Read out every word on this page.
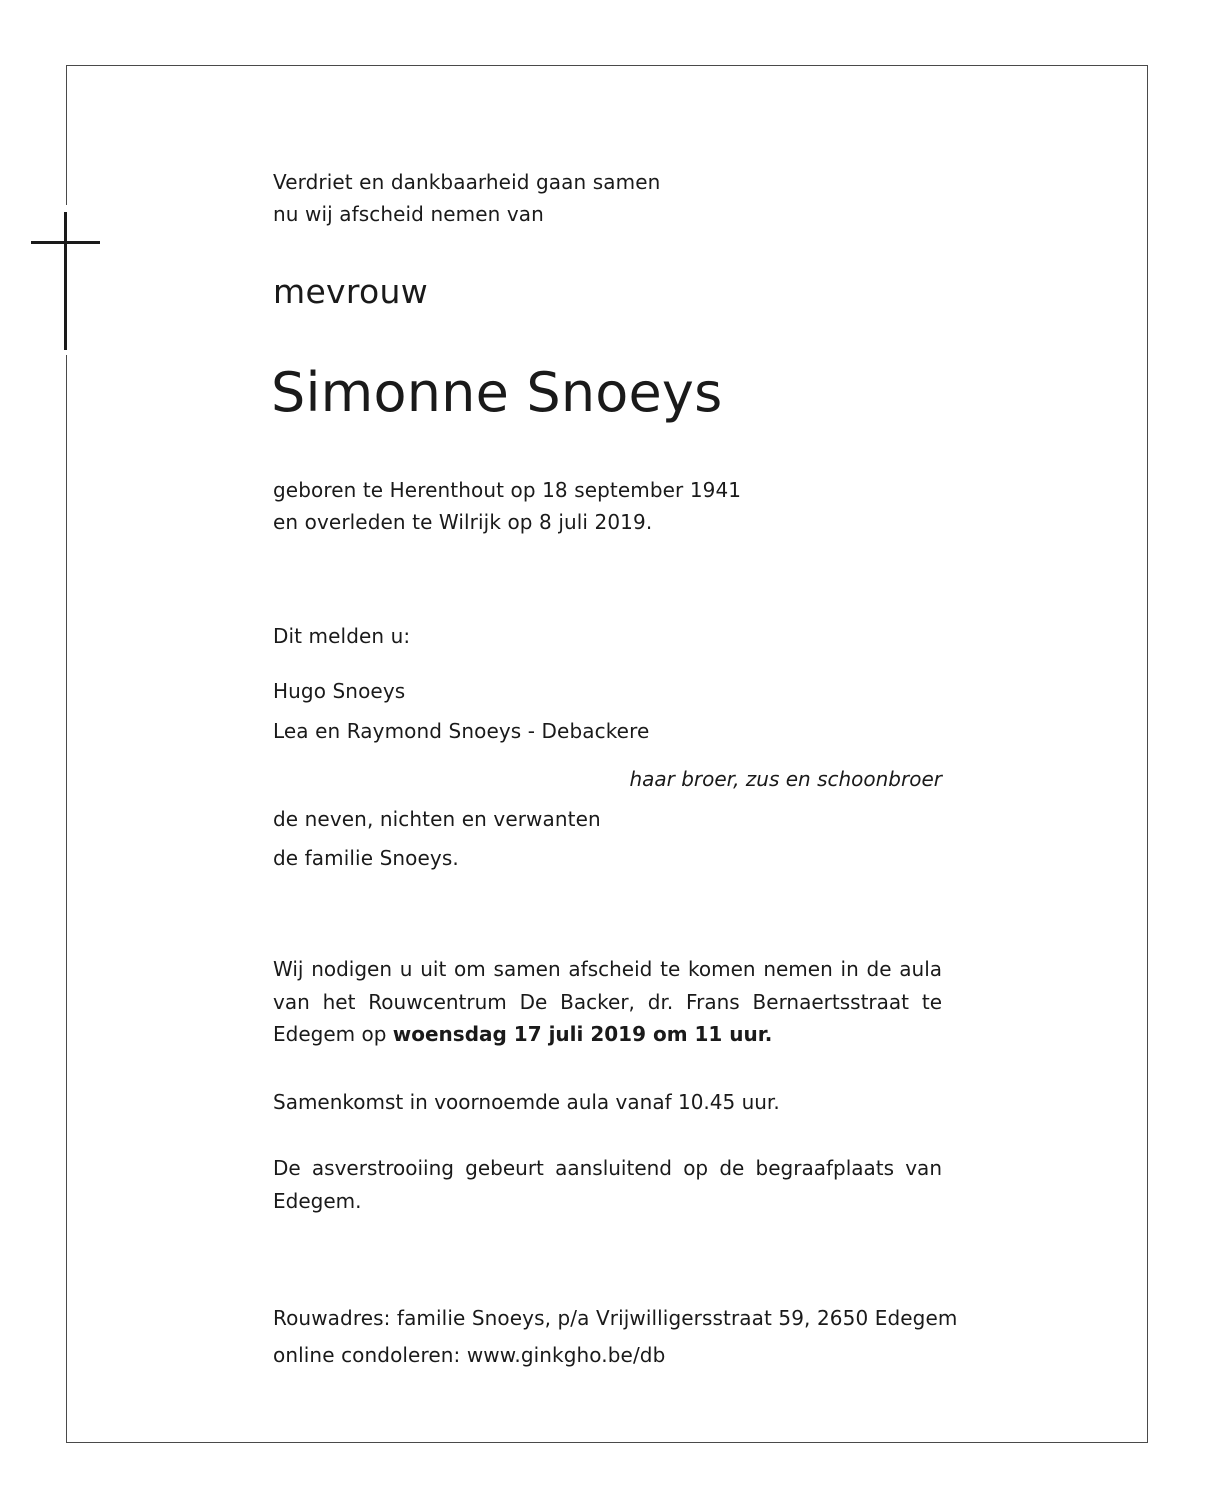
Verdriet en dankbaarheid gaan samen
nu wij afscheid nemen van
mevrouw
Simonne Snoeys
geboren te Herenthout op 18 september 1941
en overleden te Wilrijk op 8 juli 2019.
Dit melden u:
Hugo Snoeys
Lea en Raymond Snoeys - Debackere
haar broer, zus en schoonbroer
de neven, nichten en verwanten
de familie Snoeys.
Wij nodigen u uit om samen afscheid te komen nemen in de aula van het Rouwcentrum De Backer, dr. Frans Bernaertsstraat te Edegem op woensdag 17 juli 2019 om 11 uur.
Samenkomst in voornoemde aula vanaf 10.45 uur.
De asverstrooiing gebeurt aansluitend op de begraafplaats van Edegem.
Rouwadres: familie Snoeys, p/a Vrijwilligersstraat 59, 2650 Edegem
online condoleren: www.ginkgho.be/db
